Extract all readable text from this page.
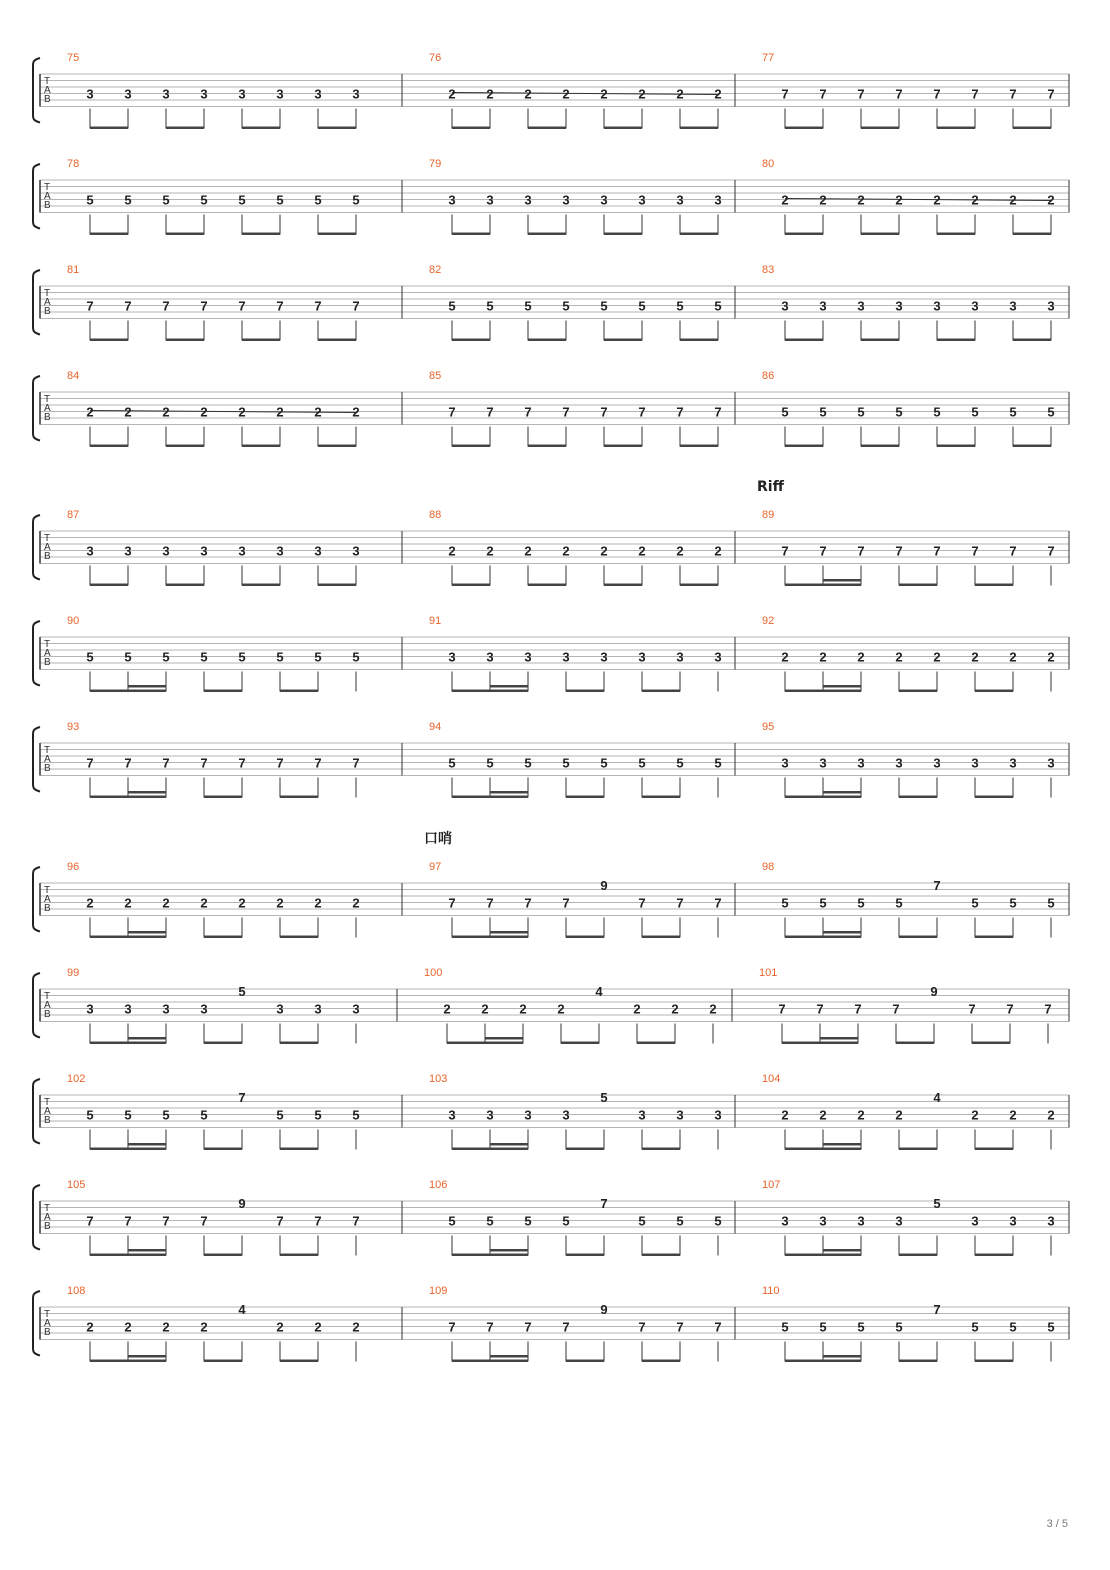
T
A
B
75
3 3 3 3 3 3 3 3
76
2 2 2 2 2 2 2 2
77
7 7 7 7 7 7 7 7
T
A
B
78
5 5 5 5 5 5 5 5
79
3 3 3 3 3 3 3 3
80
2 2 2 2 2 2 2 2
T
A
B
81
7 7 7 7 7 7 7 7
82
5 5 5 5 5 5 5 5
83
3 3 3 3 3 3 3 3
T
A
B
84
2 2 2 2 2 2 2 2
85
7 7 7 7 7 7 7 7
86
5 5 5 5 5 5 5 5
T
A
B
87
3 3 3 3 3 3 3 3
88
2 2 2 2 2 2 2 2
89
7 7 7 7 7 7 7 7
T
A
B
90
5 5 5 5 5 5 5 5
91
3 3 3 3 3 3 3 3
92
2 2 2 2 2 2 2 2
T
A
B
93
7 7 7 7 7 7 7 7
94
5 5 5 5 5 5 5 5
95
3 3 3 3 3 3 3 3
T
A
B
96
2 2 2 2 2 2 2 2
97
7 7 7 7
9
7 7 7
98
5 5 5 5
7
5 5 5
T
A
B
99
3 3 3 3
5
3 3 3
100
2 2 2 2
4
2 2 2
101
7 7 7 7
9
7 7 7
T
A
B
102
5 5 5 5
7
5 5 5
103
3 3 3 3
5
3 3 3
104
2 2 2 2
4
2 2 2
T
A
B
105
7 7 7 7
9
7 7 7
106
5 5 5 5
7
5 5 5
107
3 3 3 3
5
3 3 3
T
A
B
108
2 2 2 2
4
2 2 2
109
7 7 7 7
9
7 7 7
110
5 5 5 5
7
5 5 5
Riff
口哨
3 / 5
